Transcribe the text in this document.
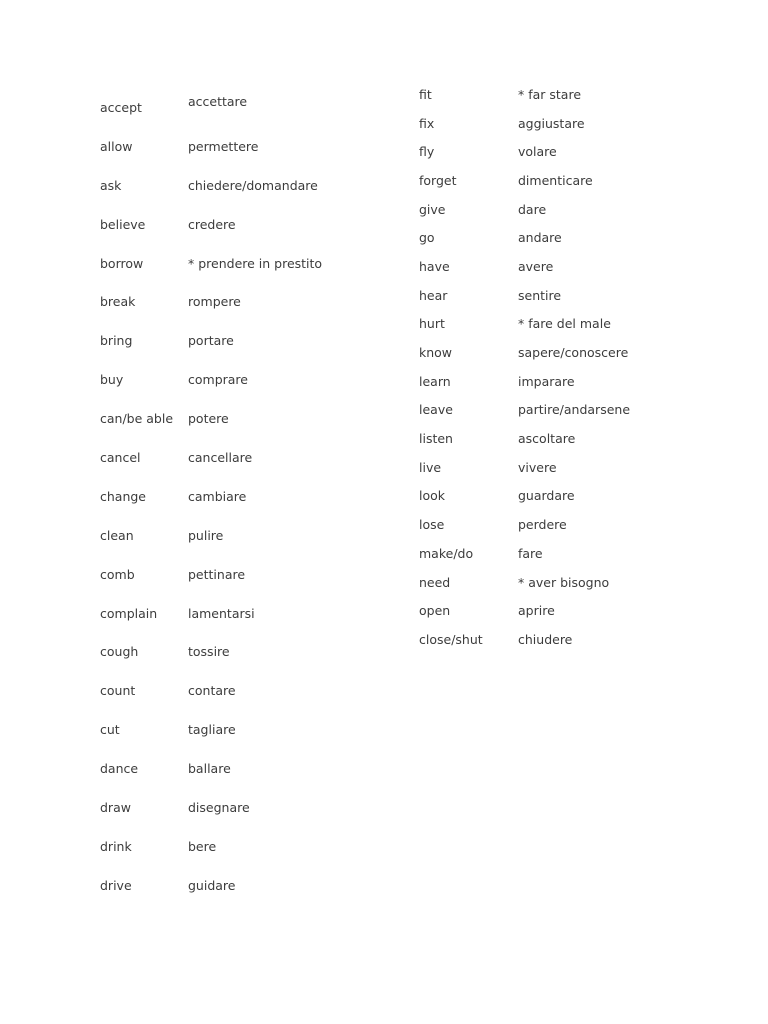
accept	accettare
allow	permettere
ask	chiedere/domandare
believe	credere
borrow	* prendere in prestito
break	rompere
bring	portare
buy	comprare
can/be able	potere
cancel	cancellare
change	cambiare
clean	pulire
comb	pettinare
complain	lamentarsi
cough	tossire
count	contare
cut	tagliare
dance	ballare
draw	disegnare
drink	bere
drive	guidare
fit	* far stare
fix	aggiustare
fly	volare
forget	dimenticare
give	dare
go	andare
have	avere
hear	sentire
hurt	* fare del male
know	sapere/conoscere
learn	imparare
leave	partire/andarsene
listen	ascoltare
live	vivere
look	guardare
lose	perdere
make/do	fare
need	* aver bisogno
open	aprire
close/shut	chiudere
